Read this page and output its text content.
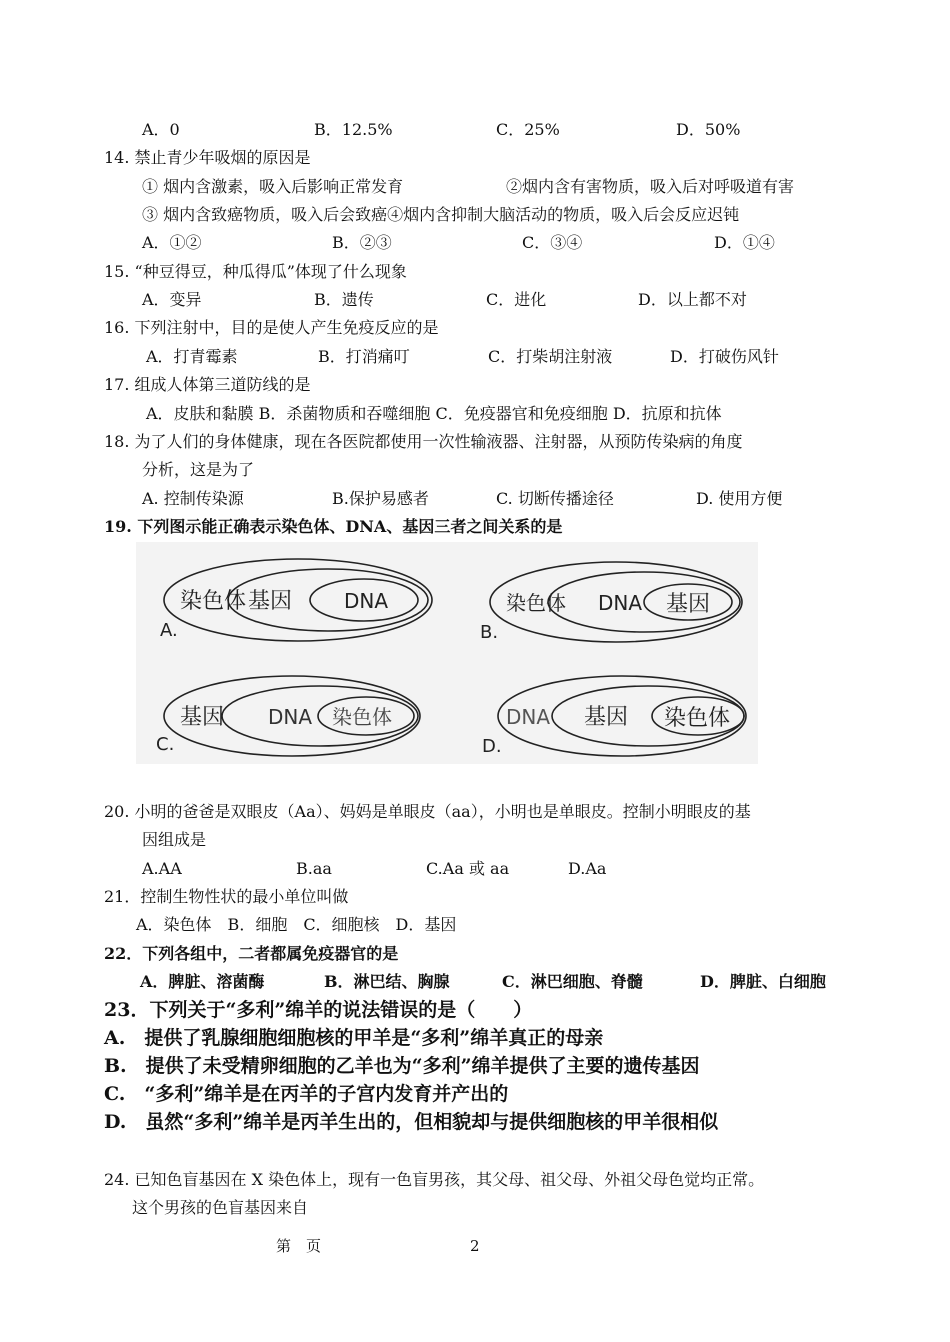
A．0	B．12.5%	C．25%	D．50%
14. 禁止青少年吸烟的原因是
① 烟内含激素，吸入后影响正常发育	②烟内含有害物质，吸入后对呼吸道有害
③ 烟内含致癌物质，吸入后会致癌④烟内含抑制大脑活动的物质，吸入后会反应迟钝
A．①②	B．②③	C．③④	D．①④
15. “种豆得豆，种瓜得瓜”体现了什么现象
A．变异	B．遗传	C．进化	D．以上都不对
16. 下列注射中，目的是使人产生免疫反应的是
A．打青霉素	B．打消痛叮	C．打柴胡注射液	D．打破伤风针
17. 组成人体第三道防线的是
A．皮肤和黏膜 B．杀菌物质和吞噬细胞 C．免疫器官和免疫细胞 D．抗原和抗体
18. 为了人们的身体健康，现在各医院都使用一次性输液器、注射器，从预防传染病的角度
分析，这是为了
A. 控制传染源	B.保护易感者	C. 切断传播途径	D. 使用方便
19. 下列图示能正确表示染色体、DNA、基因三者之间关系的是
染色体 基因	DNA
A.
染色体 DNA 基因
B.
基因 DNA 染色体
C.
DNA 基因 染色体
D.
20. 小明的爸爸是双眼皮（Aa）、妈妈是单眼皮（aa），小明也是单眼皮。控制小明眼皮的基
因组成是
A.AA	B.aa	C.Aa 或 aa	D.Aa
21．控制生物性状的最小单位叫做
A．染色体　B．细胞　C．细胞核　D．基因
22．下列各组中，二者都属免疫器官的是
A．脾脏、溶菌酶	B．淋巴结、胸腺	C．淋巴细胞、脊髓	D．脾脏、白细胞
23．下列关于“多利”绵羊的说法错误的是（　　）
A.　提供了乳腺细胞细胞核的甲羊是“多利”绵羊真正的母亲
B.　提供了未受精卵细胞的乙羊也为“多利”绵羊提供了主要的遗传基因
C.　“多利”绵羊是在丙羊的子宫内发育并产出的
D.　虽然“多利”绵羊是丙羊生出的，但相貌却与提供细胞核的甲羊很相似
24. 已知色盲基因在 X 染色体上，现有一色盲男孩，其父母、祖父母、外祖父母色觉均正常。
这个男孩的色盲基因来自
第　页	2
